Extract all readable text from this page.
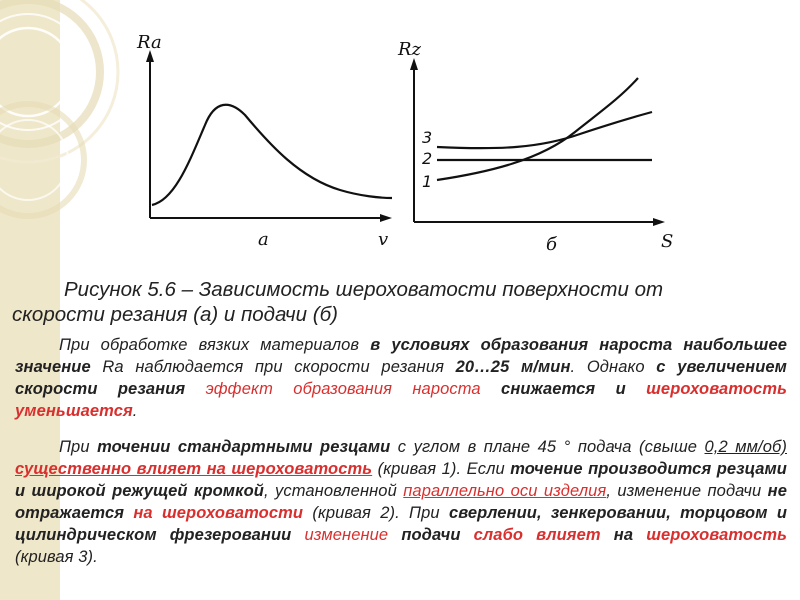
Ra
v
а
Rz
S
б
3
2
1
Рисунок 5.6 – Зависимость шероховатости поверхности от
скорости резания (а) и подачи (б)
При обработке вязких материалов в условиях образования нароста наибольшее значение Ra наблюдается при скорости резания 20…25 м/мин. Однако с увеличением скорости резания эффект образования нароста снижается и шероховатость уменьшается.
При точении стандартными резцами с углом в плане 45 ° подача (свыше 0,2 мм/об) существенно влияет на шероховатость (кривая 1). Если точение производится резцами и широкой режущей кромкой, установленной параллельно оси изделия, изменение подачи не отражается на шероховатости (кривая 2). При сверлении, зенкеровании, торцовом и цилиндрическом фрезеровании изменение подачи слабо влияет на шероховатость (кривая 3).
